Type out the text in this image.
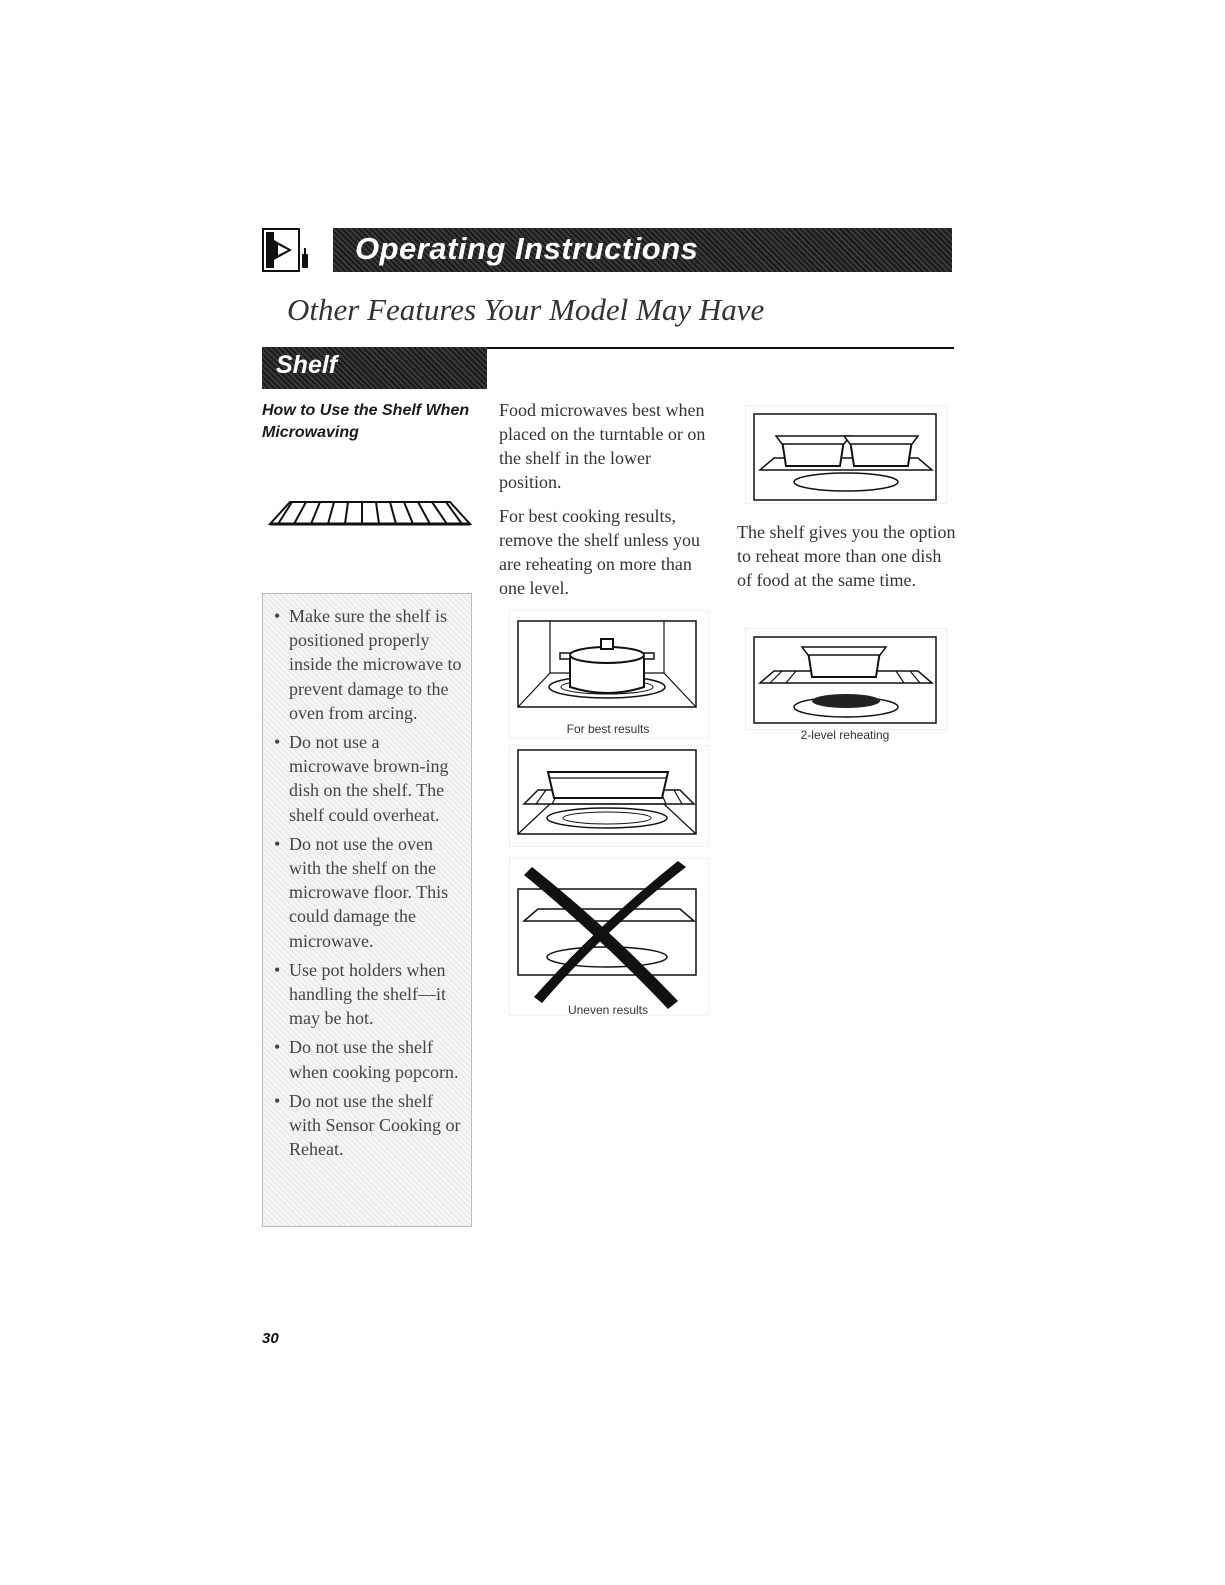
Operating Instructions
Other Features Your Model May Have
Shelf
How to Use the Shelf When Microwaving
• Make sure the shelf is positioned properly inside the microwave to prevent damage to the oven from arcing.
• Do not use a microwave brown-ing dish on the shelf. The shelf could overheat.
• Do not use the oven with the shelf on the microwave floor. This could damage the microwave.
• Use pot holders when handling the shelf—it may be hot.
• Do not use the shelf when cooking popcorn.
• Do not use the shelf with Sensor Cooking or Reheat.
Food microwaves best when placed on the turntable or on the shelf in the lower position.
For best cooking results, remove the shelf unless you are reheating on more than one level.
For best results
Uneven results
The shelf gives you the option to reheat more than one dish of food at the same time.
2-level reheating
30
